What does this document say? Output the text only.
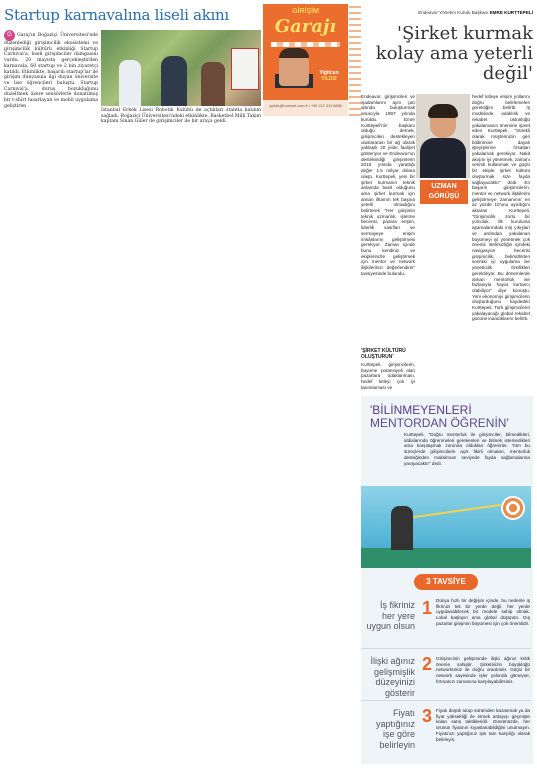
Startup karnavalına liseli akını

G Garaj'ın Boğaziçi Üniversitesi'nde düzenlediği girişimcilik ekosistemi ve girişimcilik kültürü etkinliği Startup Carnival'a, liseli girişimciler damgasını vurdu. 20 mayısta gerçekleştirilen karnavala, 60 startup ve 2 bin ziyaretçi katıldı. Etkinlikte, başarılı startup'lar ile girişim dünyasına ilgi duyan üniversite ve lise öğrencileri buluştu. Startup Carnival'a, duruş bozukluğunu düzeltmek üzere sensörlerle donatılmış bir t-shirt tasarlayan ve mobil uygulama geliştiren

İstanbul Erkek Lisesi Robotik Kulübü de açtıkları stantla katılım sağladı. Boğaziçi Üniversitesi'ndeki etkinlikte, Basketbol Milli Takım kaptanı Sinan Güler de girişimciler ile bir araya geldi.

GİRİŞİM
Garajı
Yiğitcan
YILDIZ
yyildiz@hurriyet.com.tr / +90 212 313 6836
Endeavor Yönetim Kurulu Başkanı EMRE KURTTEPELİ
'Şirket kurmak kolay ama yeterli değil'

Endeavor, girişimcileri ve işadamlarını aynı çatı altında buluşturmak amacıyla 1997 yılında kuruldu. Emre Kurttepeli'nin başkanı olduğu dernek, girişimcileri destekleyen uluslararası bir ağ olarak yaklaşık 20 yıldır faaliyet gösteriyor ve Endeavor'un desteklediği girişimlerin 2016 yılında yarattığı değer 1.5 milyar dolara ulaştı. Kurttepeli, yeni bir şirket kurmanın teknik anlamda basit olduğunu ama şirket kurmak için alınan ilhamın tek başına yeterli olmadığını belirterek "Her girişimin teknik uzmanlık, işletme becerisi, pazara erişim, liderlik vasıfları ve sermayeye erişim imkânlarını geliştirmesi gerekiyor. Zaman içinde bunu kendiniz ve ekiplerinizle geliştirmek için mentor ve network ilişkilerinizi değerlendirin" tavsiyesinde bulundu.

UZMAN
GÖRÜŞÜ

hedef kitleye erişim yollarını doğru belirlemeleri gerektiğini belirtti. İş modelinde, odaklılık ve rekabet üstünlüğü yakalamanın önemine işaret eden Kurttepeli, "Sürekli olarak müşterinizin geri bildirimine dayalı işleyişlerine fırsatları yakalamak gerekiyor. Nakit akışını iyi yönetmek, zamanı verimli kullanmak ve güçlü bir ekiple şirket kültürü oluşturmak size fayda sağlayacaktır" dedi. En başarılı girişimcilerin, mentor ve network ilişkilerini geliştirmeye zamanının en az yüzde 10'unu ayırdığını aktaran Kurttepeli, "Girişimcilik zorlu bir yolculuk. İlk kuruluma aşamalarındaki iniş çıkışları ve ardından yakalanan büyümeyi iyi yönetmek çok önemli. Belirsizliğin içindeki navigasyon becerisi girişimcilik, belirsizlikten sonraki iyi uygulama ise yöneticilik özellikleri gerektiriyor. Bu dönemlerde alınan mentorluk ise fazlasıyla hayat kurtarıcı olabiliyor" diye konuştu. Yeni ekonomiyi girişimcilerin oluşturduğunu kaydeden Kurttepeli, Türk girişimcilerin yakalayacağı global rekabet gücüne inandıklarını belirtti.

'ŞİRKET KÜLTÜRÜ OLUŞTURUN'

Kurttepeli, girişimcilerin, büyüme potansiyeli olan pazarlara odaklanması, hedef kitleyi çok iyi tanımlaması ve

'BİLİNMEYENLERİ
MENTORDAN ÖĞRENİN'

Kurttepeli, "Doğru mentorluk ile girişimciler, bilmedikleri, iddialarında öğrenmeleri gerekenleri ve bilmek istemedikleri ama karşılaşmak zorunda oldukları öğrenirler. Tüm bu süreçlerde girişimcilerin açık fikirli olmaları, mentorluk desteğinden maksimum seviyede fayda sağlamalarına yarayacaktır" dedi.

3 TAVSİYE
İş fikriniz her yere uygun olsun
1 Dünya hızlı bir değişim içinde, bu nedenle iş fikrinizi tek bir yerde değil, her yerde uygulanabilecek bir modele sahip olmak. Lokal başlayın ama global düşünün. Dış pazarlar girişimin büyümesi için çok önemlidir.

İlişki ağınız gelişmişlik düzeyinizi gösterir
2 Girişimcinin gelişiminde ilişki ağınız kritik öneme sahiptir. Şirketinizin büyüklüğü networkünüz ile doğru orantılıdır. Güçlü bir network sayesinde işler yolunda gitmeyse, fırtınanızı zamanına karşılayabilirsiniz.

Fiyatı yaptığınız işe göre belirleyin
3 Fiyatı düşük tutup sürümden kazanmak ya da fiyat yüksekliği ile etmek anlayışı geçmişte kalan satış taktikleridir. Günümüzde, her ürünün fiyatının kıyaslanabildiğini unutmayın. Fiyatınızı yaptığınız işin tam karşılığı olarak belirleyin.
